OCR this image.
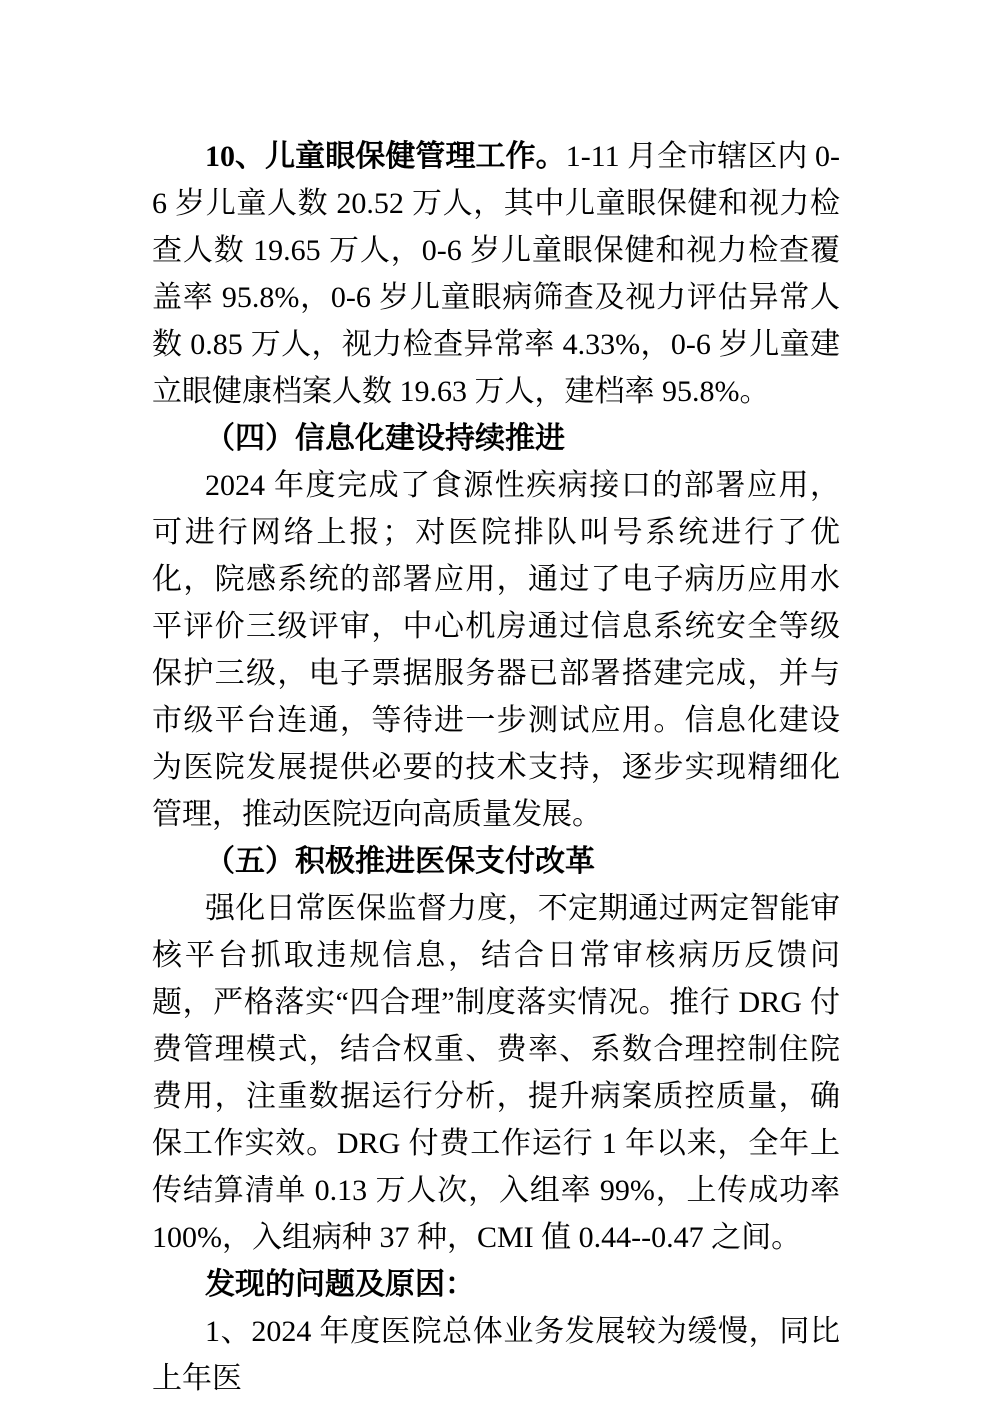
10、儿童眼保健管理工作。1-11 月全市辖区内 0-6 岁儿童人数 20.52 万人，其中儿童眼保健和视力检查人数 19.65 万人，0-6 岁儿童眼保健和视力检查覆盖率 95.8%，0-6 岁儿童眼病筛查及视力评估异常人数 0.85 万人，视力检查异常率 4.33%，0-6 岁儿童建立眼健康档案人数 19.63 万人，建档率 95.8%。

（四）信息化建设持续推进

2024 年度完成了食源性疾病接口的部署应用，可进行网络上报；对医院排队叫号系统进行了优化，院感系统的部署应用，通过了电子病历应用水平评价三级评审，中心机房通过信息系统安全等级保护三级，电子票据服务器已部署搭建完成，并与市级平台连通，等待进一步测试应用。信息化建设为医院发展提供必要的技术支持，逐步实现精细化管理，推动医院迈向高质量发展。

（五）积极推进医保支付改革

强化日常医保监督力度，不定期通过两定智能审核平台抓取违规信息，结合日常审核病历反馈问题，严格落实“四合理”制度落实情况。推行 DRG 付费管理模式，结合权重、费率、系数合理控制住院费用，注重数据运行分析，提升病案质控质量，确保工作实效。DRG 付费工作运行 1 年以来，全年上传结算清单 0.13 万人次，入组率 99%，上传成功率 100%，入组病种 37 种，CMI 值 0.44--0.47 之间。

发现的问题及原因：

1、2024 年度医院总体业务发展较为缓慢，同比上年医
